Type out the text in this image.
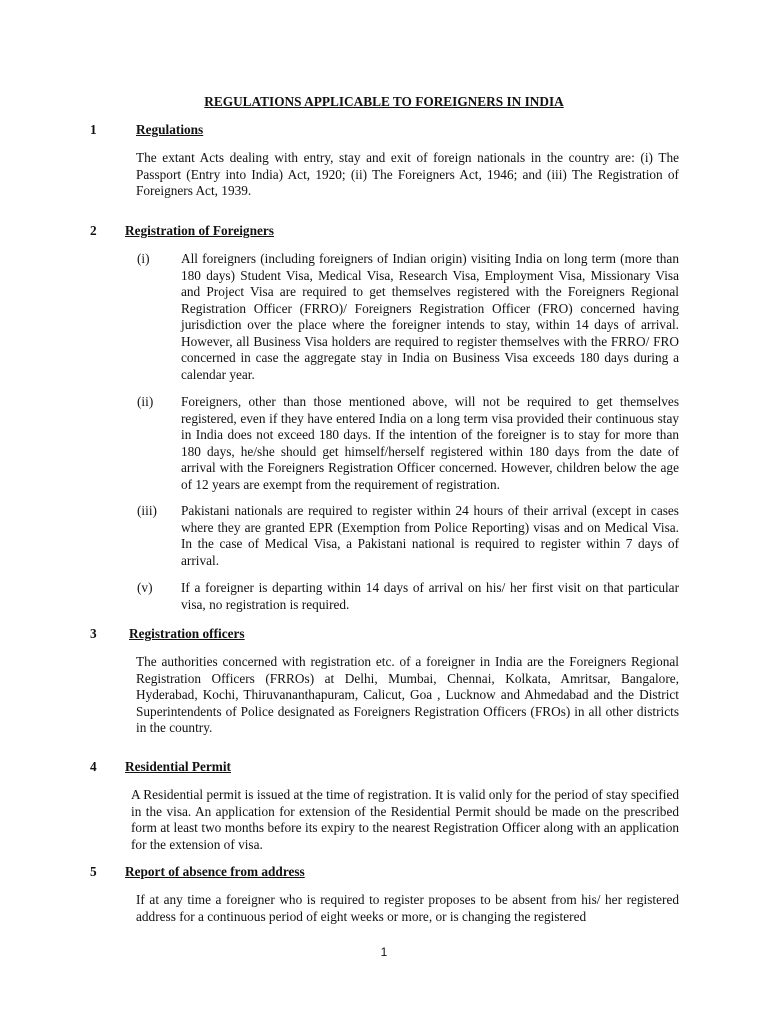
REGULATIONS APPLICABLE TO FOREIGNERS IN INDIA
1	Regulations
The extant Acts dealing with entry, stay and exit of foreign nationals in the country are: (i) The Passport (Entry into India) Act, 1920; (ii) The Foreigners Act, 1946; and (iii) The Registration of Foreigners Act, 1939.
2 Registration of Foreigners
(i) All foreigners (including foreigners of Indian origin) visiting India on long term (more than 180 days) Student Visa, Medical Visa, Research Visa, Employment Visa, Missionary Visa and Project Visa are required to get themselves registered with the Foreigners Regional Registration Officer (FRRO)/ Foreigners Registration Officer (FRO) concerned having jurisdiction over the place where the foreigner intends to stay, within 14 days of arrival. However, all Business Visa holders are required to register themselves with the FRRO/ FRO concerned in case the aggregate stay in India on Business Visa exceeds 180 days during a calendar year.
(ii) Foreigners, other than those mentioned above, will not be required to get themselves registered, even if they have entered India on a long term visa provided their continuous stay in India does not exceed 180 days. If the intention of the foreigner is to stay for more than 180 days, he/she should get himself/herself registered within 180 days from the date of arrival with the Foreigners Registration Officer concerned. However, children below the age of 12 years are exempt from the requirement of registration.
(iii) Pakistani nationals are required to register within 24 hours of their arrival (except in cases where they are granted EPR (Exemption from Police Reporting) visas and on Medical Visa. In the case of Medical Visa, a Pakistani national is required to register within 7 days of arrival.
(v) If a foreigner is departing within 14 days of arrival on his/ her first visit on that particular visa, no registration is required.
3 Registration officers
The authorities concerned with registration etc. of a foreigner in India are the Foreigners Regional Registration Officers (FRROs) at Delhi, Mumbai, Chennai, Kolkata, Amritsar, Bangalore, Hyderabad, Kochi, Thiruvananthapuram, Calicut, Goa , Lucknow and Ahmedabad and the District Superintendents of Police designated as Foreigners Registration Officers (FROs) in all other districts in the country.
4 Residential Permit
A Residential permit is issued at the time of registration. It is valid only for the period of stay specified in the visa. An application for extension of the Residential Permit should be made on the prescribed form at least two months before its expiry to the nearest Registration Officer along with an application for the extension of visa.
5 Report of absence from address
If at any time a foreigner who is required to register proposes to be absent from his/ her registered address for a continuous period of eight weeks or more, or is changing the registered
1
